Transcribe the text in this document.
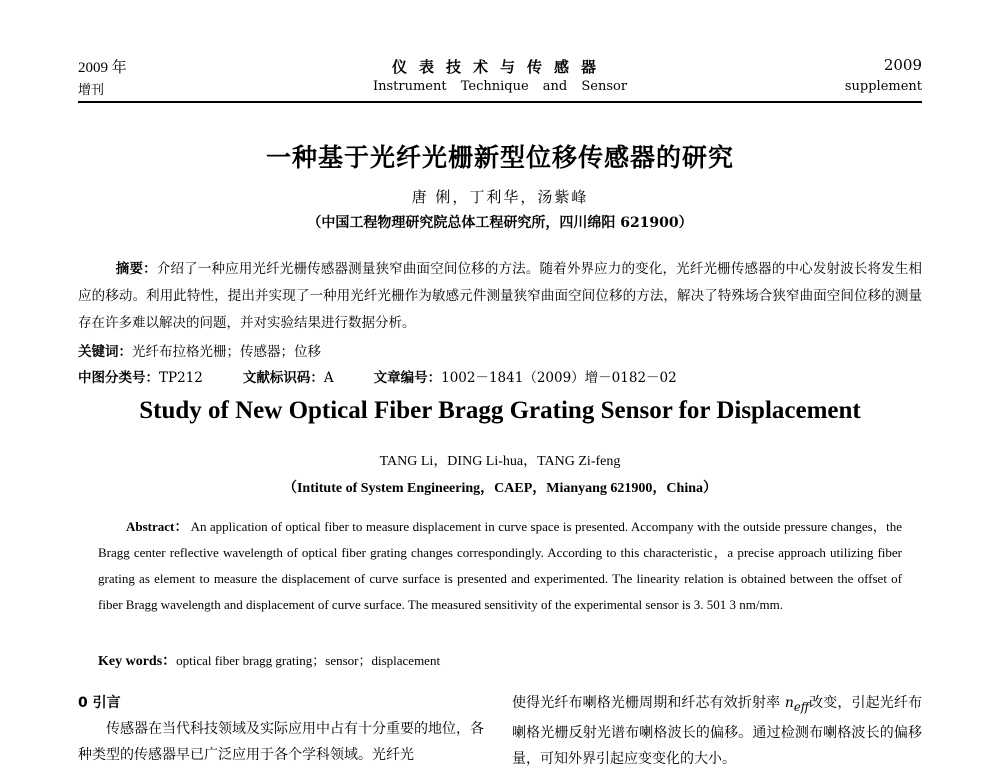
2009 年
增刊
仪表技术与传感器
Instrument Technique and Sensor
2009
supplement
一种基于光纤光栅新型位移传感器的研究
唐 俐，丁利华，汤紫峰
（中国工程物理研究院总体工程研究所，四川绵阳 621900）

摘要：介绍了一种应用光纤光栅传感器测量狭窄曲面空间位移的方法。随着外界应力的变化，光纤光栅传感器的中心发射波长将发生相应的移动。利用此特性，提出并实现了一种用光纤光栅作为敏感元件测量狭窄曲面空间位移的方法，解决了特殊场合狭窄曲面空间位移的测量存在许多难以解决的问题，并对实验结果进行数据分析。

关键词：光纤布拉格光栅；传感器；位移
中图分类号：TP212	文献标识码：A	文章编号：1002－1841（2009）增－0182－02
Study of New Optical Fiber Bragg Grating Sensor for Displacement
TANG Li，DING Li-hua，TANG Zi-feng
（Intitute of System Engineering，CAEP，Mianyang 621900，China）

Abstract： An application of optical fiber to measure displacement in curve space is presented. Accompany with the outside pressure changes，the Bragg center reflective wavelength of optical fiber grating changes correspondingly. According to this characteristic，a precise approach utilizing fiber grating as element to measure the displacement of curve surface is presented and experimented. The linearity relation is obtained between the offset of fiber Bragg wavelength and displacement of curve surface. The measured sensitivity of the experimental sensor is 3. 501 3 nm/mm.

Key words：optical fiber bragg grating；sensor；displacement

0 引言

传感器在当代科技领域及实际应用中占有十分重要的地位，各种类型的传感器早已广泛应用于各个学科领域。光纤光

使得光纤布喇格光栅周期和纤芯有效折射率 $n_{eff}$改变，引起光纤布喇格光栅反射光谱布喇格波长的偏移。通过检测布喇格波长的偏移量，可知外界引起应变变化的大小。
